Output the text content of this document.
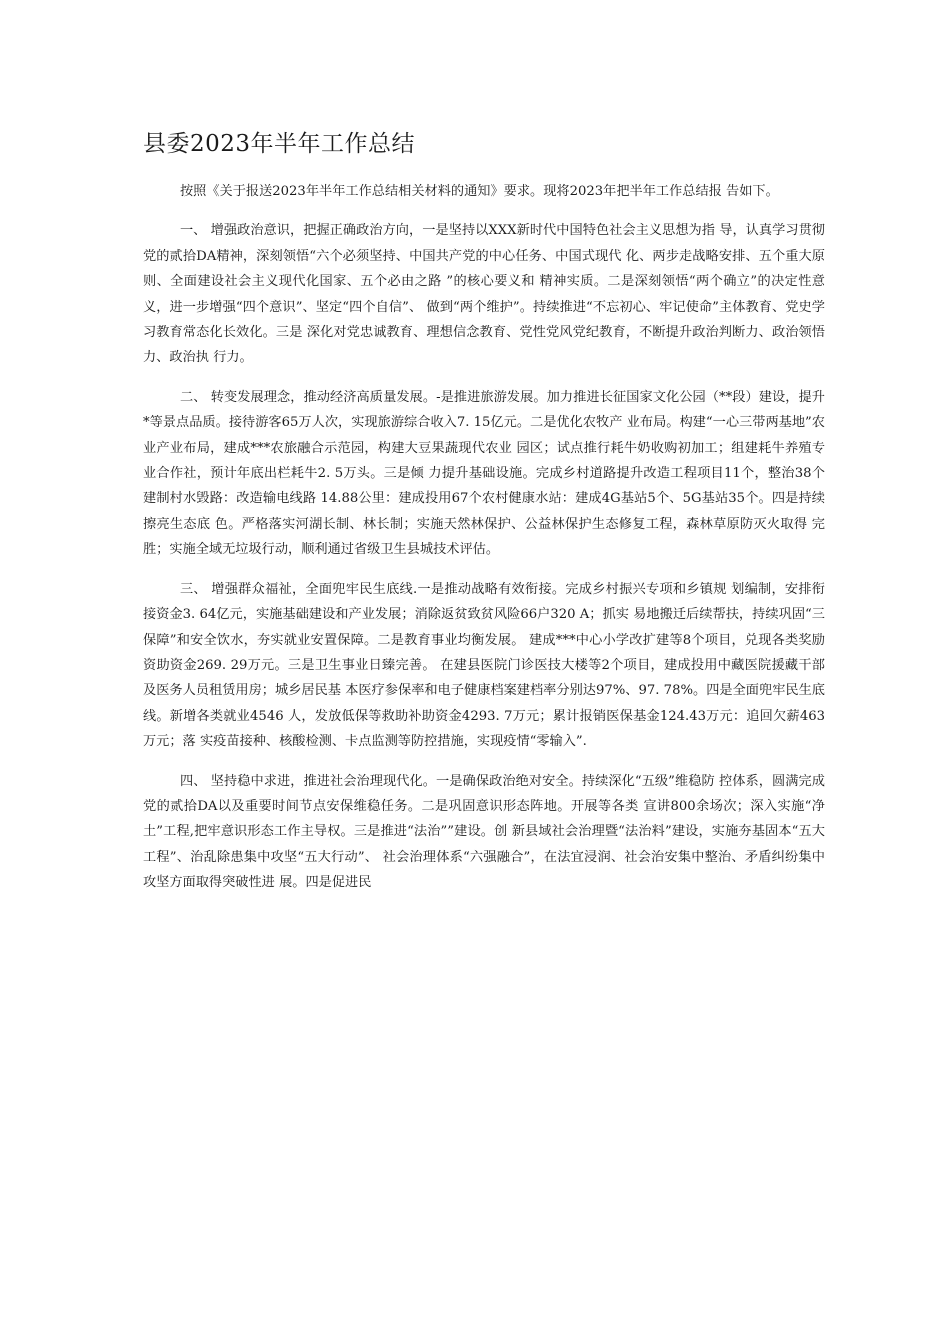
县委2023年半年工作总结

按照《关于报送2023年半年工作总结相关材料的通知》要求。现将2023年把半年工作总结报 告如下。

一、 增强政治意识，把握正确政治方向，一是坚持以XXX新时代中国特色社会主义思想为指 导，认真学习贯彻党的贰拾DA精神，深刻领悟“六个必须坚持、中国共产党的中心任务、中国式现代 化、两步走战略安排、五个重大原则、全面建设社会主义现代化国家、五个必由之路 ”的核心要义和 精神实质。二是深刻领悟“两个确立”的决定性意义，进一步增强“四个意识”、坚定“四个自信”、 做到“两个维护”。持续推进“不忘初心、牢记使命”主体教育、党史学习教育常态化长效化。三是 深化对党忠诚教育、理想信念教育、党性党风党纪教育，不断提升政治判断力、政治领悟力、政治执 行力。

二、 转变发展理念，推动经济高质量发展。-是推进旅游发展。加力推进长征国家文化公园（**段）建设，提升*等景点品质。接待游客65万人次，实现旅游综合收入7. 15亿元。二是优化农牧产 业布局。构建“一心三带两基地”农业产业布局，建成***农旅融合示范园，构建大豆果蔬现代农业 园区；试点推行耗牛奶收购初加工；组建耗牛养殖专业合作社，预计年底出栏耗牛2. 5万头。三是倾 力提升基础设施。完成乡村道路提升改造工程项目11个，整治38个建制村水毁路：改造输电线路 14.88公里：建成投用67个农村健康水站：建成4G基站5个、5G基站35个。四是持续擦亮生态底 色。严格落实河湖长制、林长制；实施天然林保护、公益林保护生态修复工程，森林草原防灭火取得 完胜；实施全域无垃圾行动，顺利通过省级卫生县城技术评估。

三、 增强群众福祉，全面兜牢民生底线.一是推动战略有效衔接。完成乡村振兴专项和乡镇规 划编制，安排衔接资金3. 64亿元，实施基础建设和产业发展；消除返贫致贫风险66户320 A；抓实 易地搬迁后续帮扶，持续巩固“三保障”和安全饮水，夯实就业安置保障。二是教育事业均衡发展。 建成***中心小学改扩建等8个项目，兑现各类奖励资助资金269. 29万元。三是卫生事业日臻完善。 在建县医院门诊医技大楼等2个项目，建成投用中藏医院援藏干部及医务人员租赁用房；城乡居民基 本医疗参保率和电子健康档案建档率分别达97%、97. 78%。四是全面兜牢民生底线。新增各类就业4546 人，发放低保等救助补助资金4293. 7万元；累计报销医保基金124.43万元：追回欠薪463万元；落 实疫苗接种、核酸检测、卡点监测等防控措施，实现疫情“零输入”.

四、 坚持稳中求进，推进社会治理现代化。一是确保政治绝对安全。持续深化“五级”维稳防 控体系，圆满完成党的贰拾DA以及重要时间节点安保维稳任务。二是巩固意识形态阵地。开展等各类 宣讲800余场次；深入实施“净土”工程,把牢意识形态工作主导权。三是推进“法治””建设。创 新县域社会治理暨“法治料”建设，实施夯基固本“五大工程”、治乱除患集中攻坚“五大行动”、 社会治理体系“六强融合”，在法宜浸润、社会治安集中整治、矛盾纠纷集中攻坚方面取得突破性进 展。四是促进民
